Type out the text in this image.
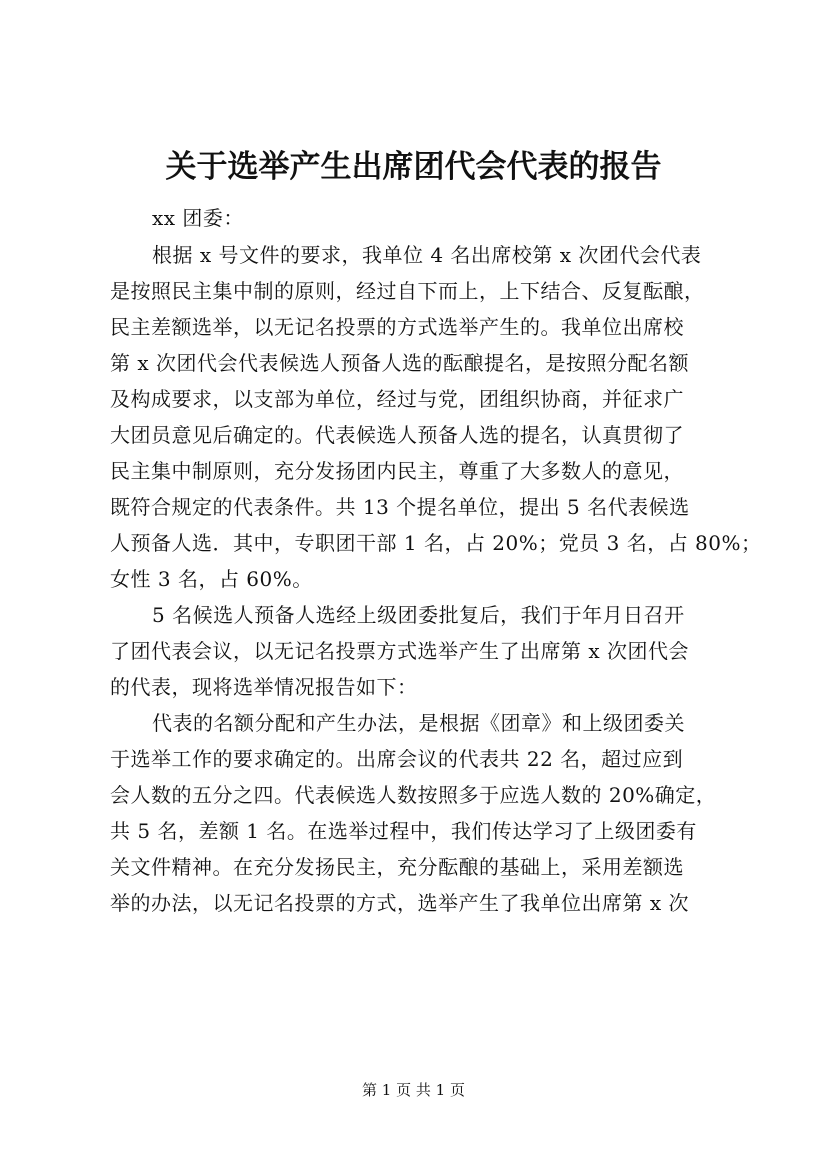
关于选举产生出席团代会代表的报告
xx 团委：
根据 x 号文件的要求，我单位 4 名出席校第 x 次团代会代表
是按照民主集中制的原则，经过自下而上，上下结合、反复酝酿，
民主差额选举，以无记名投票的方式选举产生的。我单位出席校
第 x 次团代会代表候选人预备人选的酝酿提名，是按照分配名额
及构成要求，以支部为单位，经过与党，团组织协商，并征求广
大团员意见后确定的。代表候选人预备人选的提名，认真贯彻了
民主集中制原则，充分发扬团内民主，尊重了大多数人的意见，
既符合规定的代表条件。共 13 个提名单位，提出 5 名代表候选
人预备人选．其中，专职团干部 1 名，占 20%；党员 3 名，占 80%；
女性 3 名，占 60%。
5 名候选人预备人选经上级团委批复后，我们于年月日召开
了团代表会议，以无记名投票方式选举产生了出席第 x 次团代会
的代表，现将选举情况报告如下：
代表的名额分配和产生办法，是根据《团章》和上级团委关
于选举工作的要求确定的。出席会议的代表共 22 名，超过应到
会人数的五分之四。代表候选人数按照多于应选人数的 20%确定，
共 5 名，差额 1 名。在选举过程中，我们传达学习了上级团委有
关文件精神。在充分发扬民主，充分酝酿的基础上，采用差额选
举的办法，以无记名投票的方式，选举产生了我单位出席第 x 次
第 1 页 共 1 页
